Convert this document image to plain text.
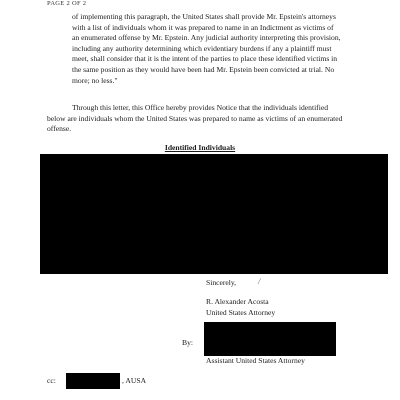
PAGE 2 OF 2

of implementing this paragraph, the United States shall provide Mr. Epstein's attorneys with a list of individuals whom it was prepared to name in an Indictment as victims of an enumerated offense by Mr. Epstein. Any judicial authority interpreting this provision, including any authority determining which evidentiary burdens if any a plaintiff must meet, shall consider that it is the intent of the parties to place these identified victims in the same position as they would have been had Mr. Epstein been convicted at trial. No more; no less."

Through this letter, this Office hereby provides Notice that the individuals identified below are individuals whom the United States was prepared to name as victims of an enumerated offense.

Identified Individuals
Sincerely,	/
R. Alexander Acosta
United States Attorney
By:
Assistant United States Attorney
cc:	, AUSA
